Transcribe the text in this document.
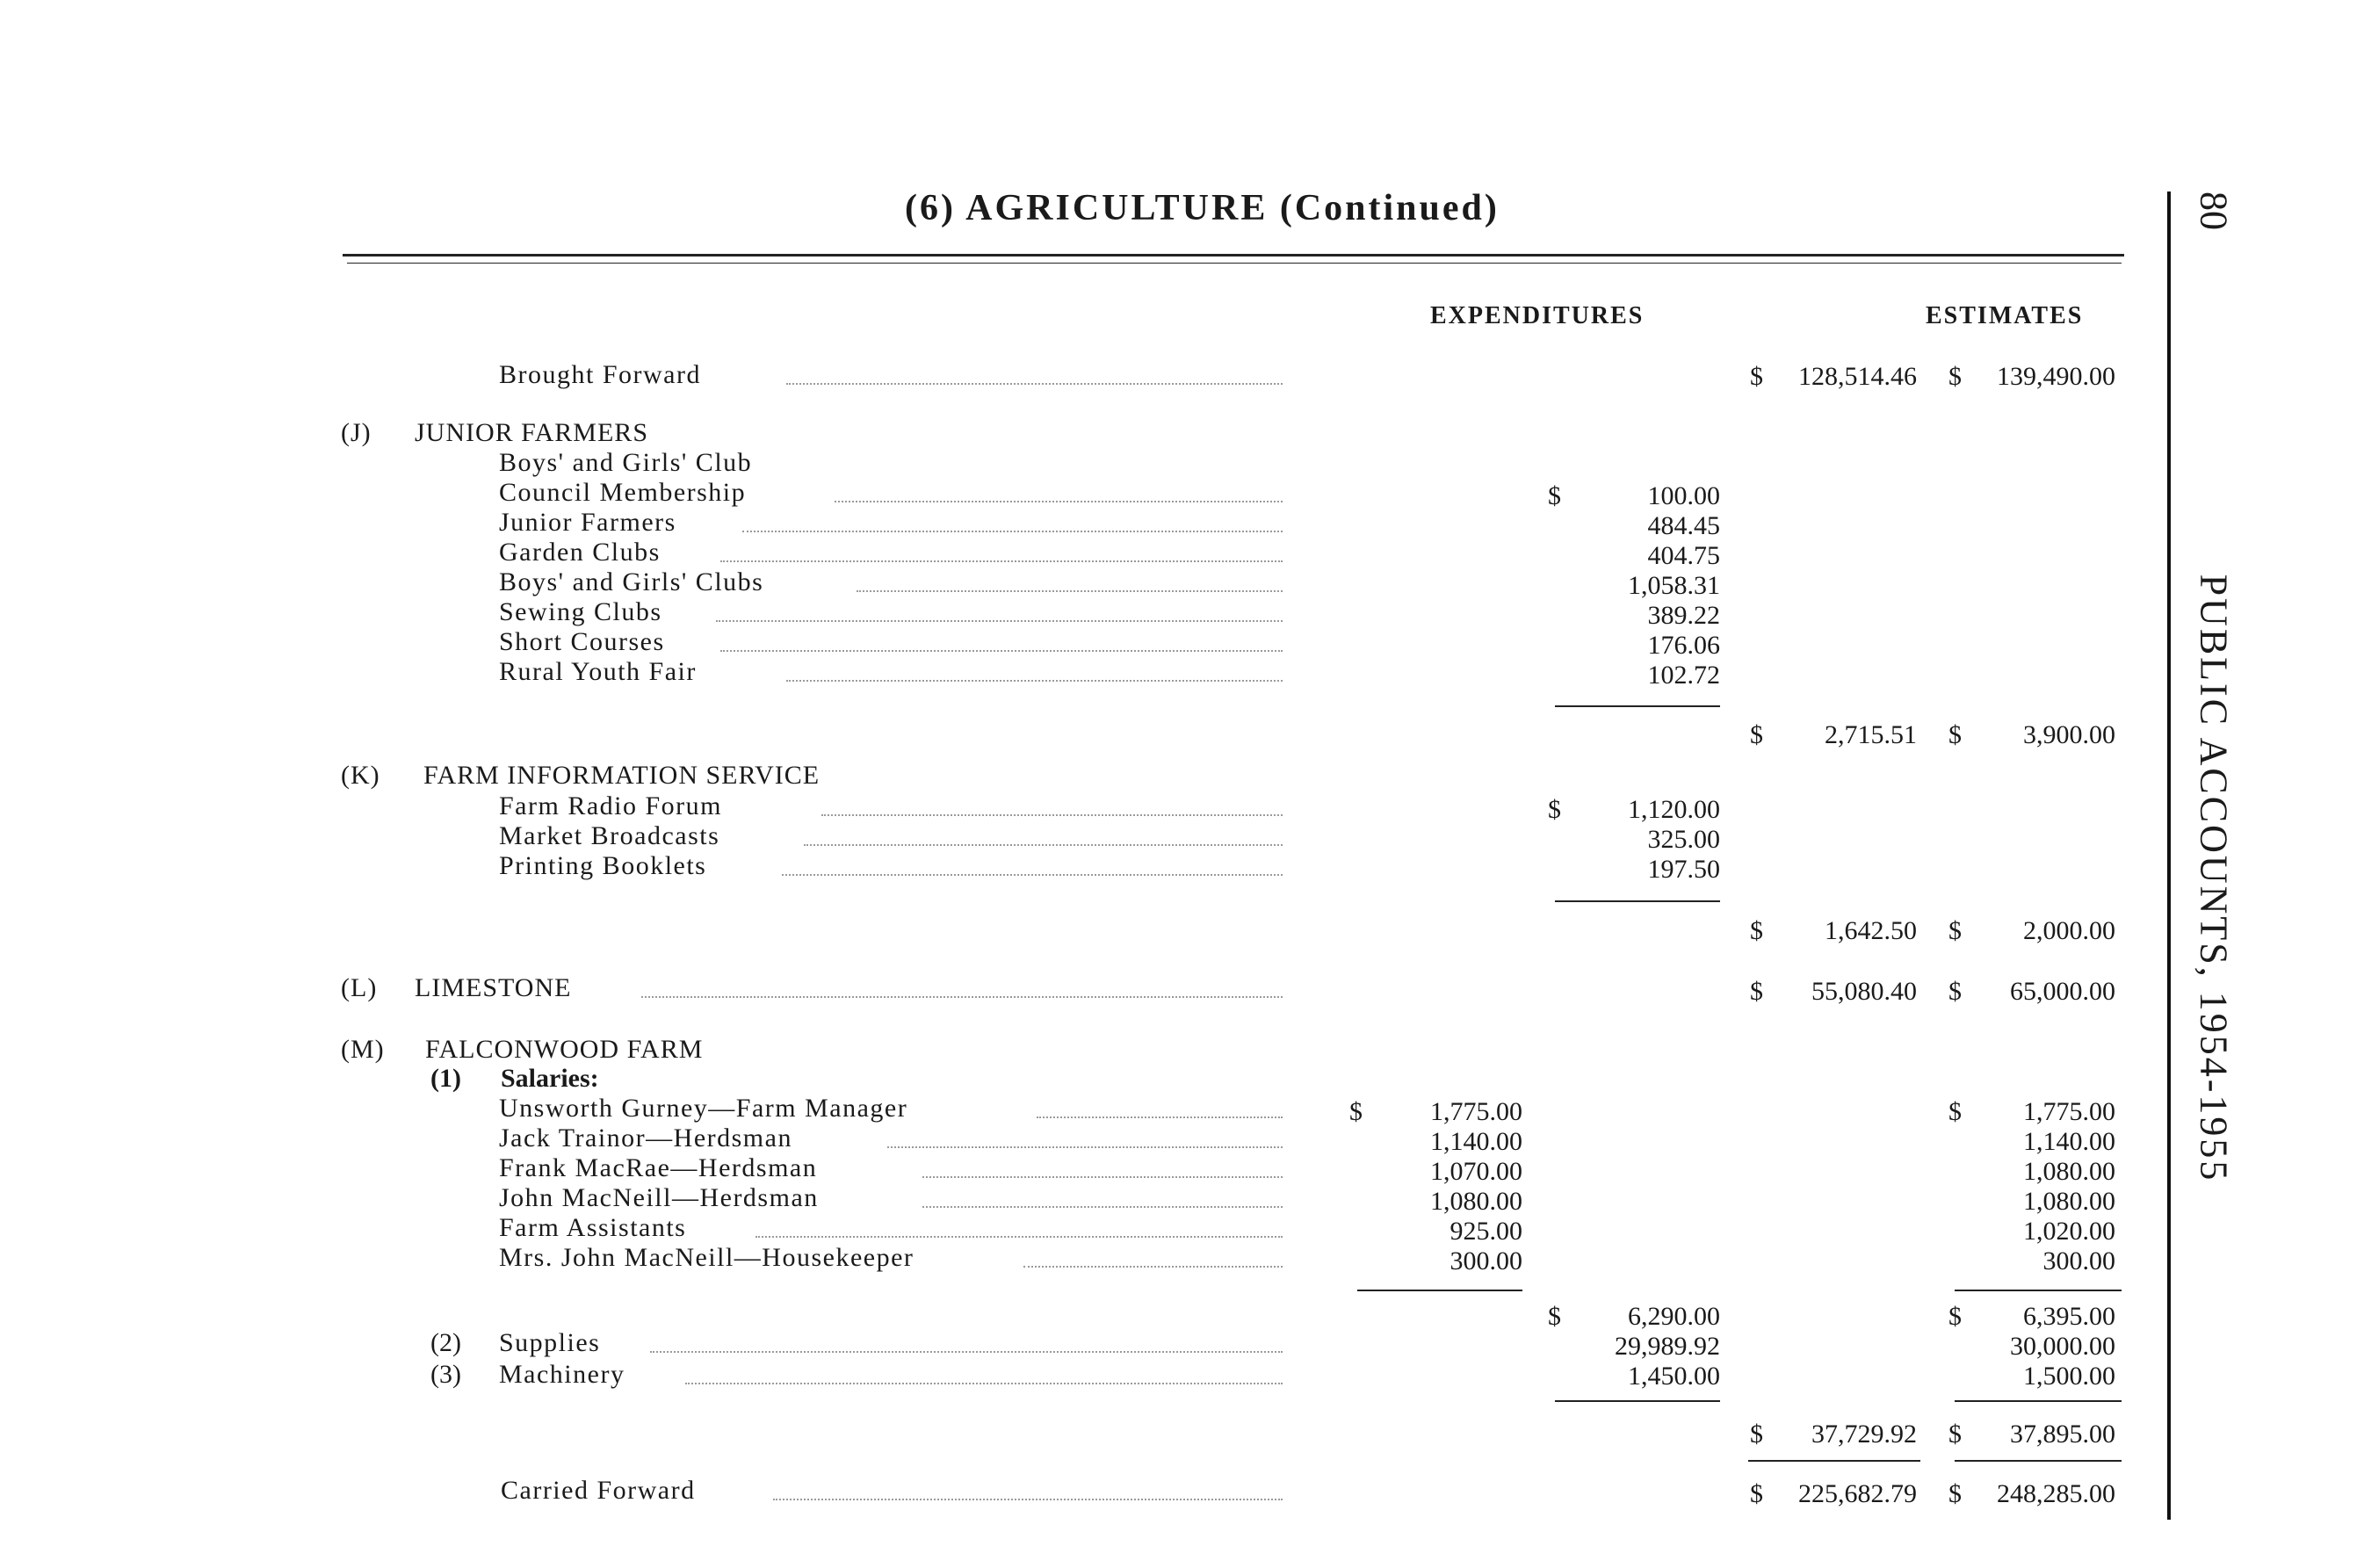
(6) AGRICULTURE (Continued)	80
PUBLIC ACCOUNTS, 1954-1955
EXPENDITURES	ESTIMATES
Brought Forward	$ 128,514.46 $ 139,490.00
(J) JUNIOR FARMERS
Boys' and Girls' Club
Council Membership	$	100.00
Junior Farmers	484.45
Garden Clubs	404.75
Boys' and Girls' Clubs	1,058.31
Sewing Clubs	389.22
Short Courses	176.06
Rural Youth Fair	102.72
$ 2,715.51 $ 3,900.00
(K) FARM INFORMATION SERVICE
Farm Radio Forum	$	1,120.00
Market Broadcasts	325.00
Printing Booklets	197.50
$ 1,642.50 $ 2,000.00
(L) LIMESTONE	$ 55,080.40 $ 65,000.00
(M) FALCONWOOD FARM
(1) Salaries:
Unsworth Gurney—Farm Manager	$	1,775.00	$ 1,775.00
Jack Trainor—Herdsman	1,140.00	1,140.00
Frank MacRae—Herdsman	1,070.00	1,080.00
John MacNeill—Herdsman	1,080.00	1,080.00
Farm Assistants	925.00	1,020.00
Mrs. John MacNeill—Housekeeper	300.00	300.00
$	6,290.00	$ 6,395.00
(2) Supplies	29,989.92	30,000.00
(3) Machinery	1,450.00	1,500.00
$ 37,729.92 $ 37,895.00
Carried Forward	$ 225,682.79 $ 248,285.00
